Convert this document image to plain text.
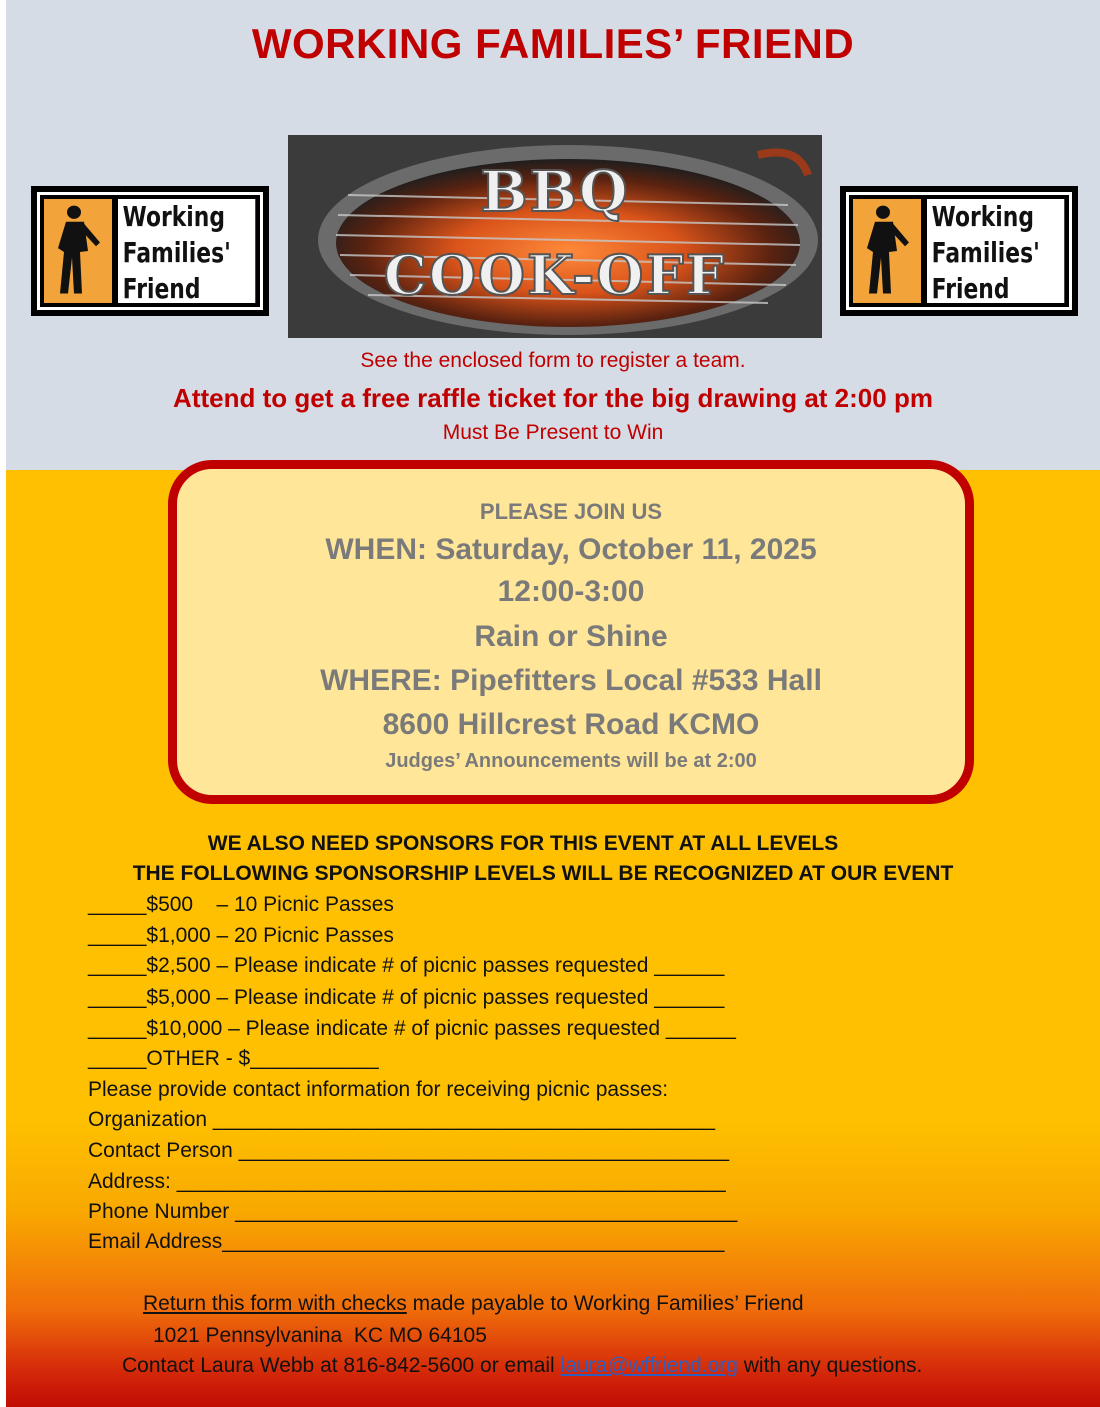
WORKING FAMILIES’ FRIEND
Working
Families'
Friend
Working
Families'
Friend
BBQ
COOK-OFF
See the enclosed form to register a team.
Attend to get a free raffle ticket for the big drawing at 2:00 pm
Must Be Present to Win
PLEASE JOIN US
WHEN: Saturday, October 11, 2025
12:00-3:00
Rain or Shine
WHERE: Pipefitters Local #533 Hall
8600 Hillcrest Road KCMO
Judges’ Announcements will be at 2:00
WE ALSO NEED SPONSORS FOR THIS EVENT AT ALL LEVELS
THE FOLLOWING SPONSORSHIP LEVELS WILL BE RECOGNIZED AT OUR EVENT
_____$500    – 10 Picnic Passes
_____$1,000 – 20 Picnic Passes
_____$2,500 – Please indicate # of picnic passes requested ______
_____$5,000 – Please indicate # of picnic passes requested ______
_____$10,000 – Please indicate # of picnic passes requested ______
_____OTHER - $___________
Please provide contact information for receiving picnic passes:
Organization ___________________________________________
Contact Person __________________________________________
Address: _______________________________________________
Phone Number ___________________________________________
Email Address___________________________________________
Return this form with checks made payable to Working Families’ Friend
1021 Pennsylvanina  KC MO 64105
Contact Laura Webb at 816-842-5600 or email laura@wffriend.org with any questions.
